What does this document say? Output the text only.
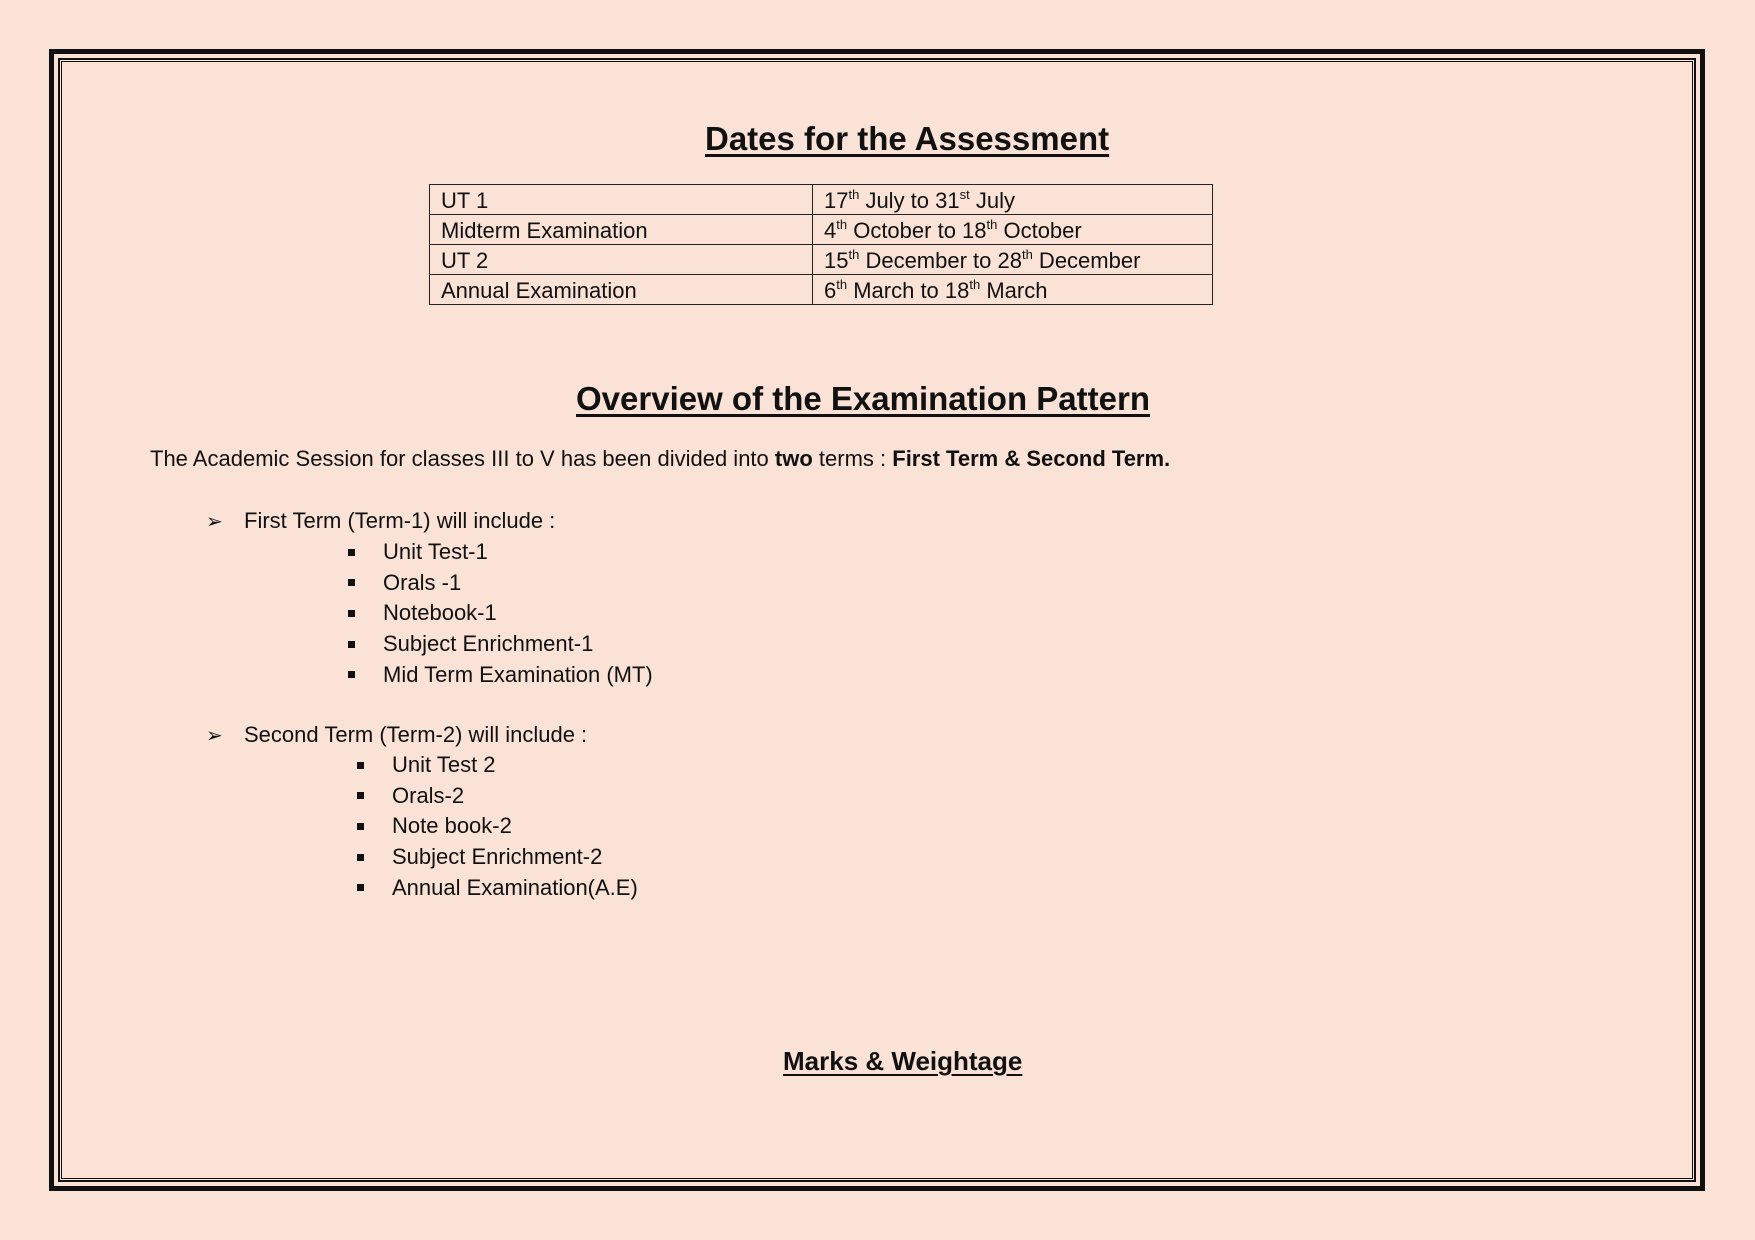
Dates for the Assessment
UT 1	17th July to 31st July
Midterm Examination	4th October to 18th October
UT 2	15th December to 28th December
Annual Examination	6th March to 18th March
Overview of the Examination Pattern
The Academic Session for classes III to V has been divided into two terms : First Term & Second Term.
➢ First Term (Term-1) will include :
Unit Test-1
Orals -1
Notebook-1
Subject Enrichment-1
Mid Term Examination (MT)
➢ Second Term (Term-2) will include :
Unit Test 2
Orals-2
Note book-2
Subject Enrichment-2
Annual Examination(A.E)
Marks & Weightage
